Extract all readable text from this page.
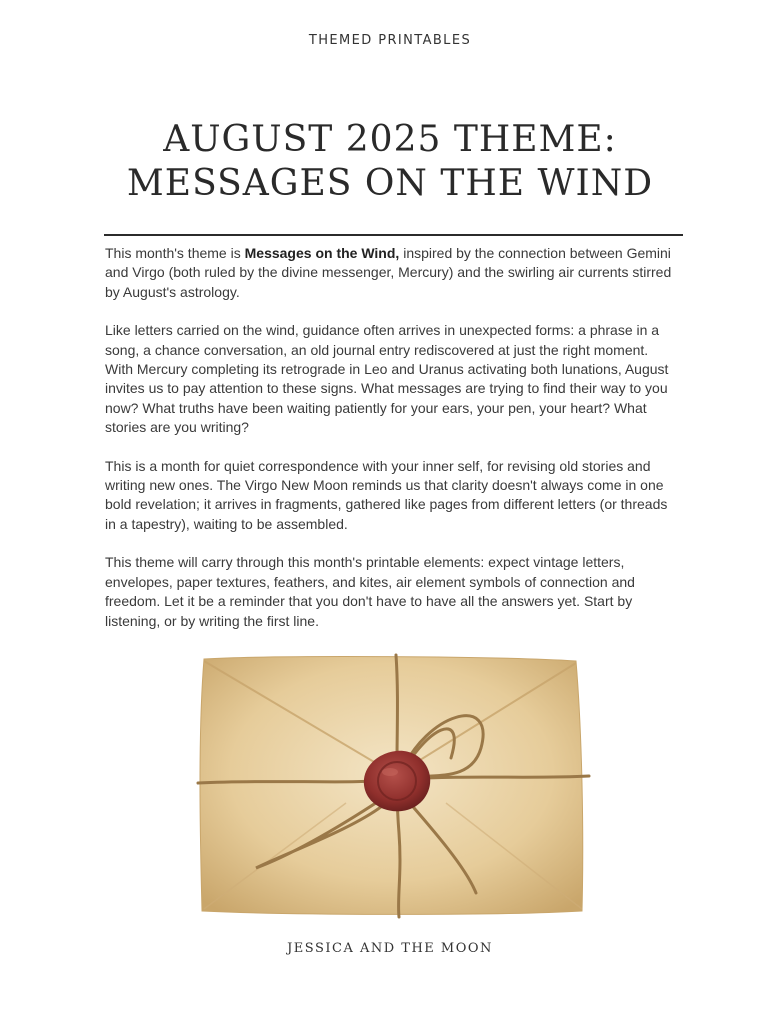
THEMED PRINTABLES
AUGUST 2025 THEME:
MESSAGES ON THE WIND

This month's theme is Messages on the Wind, inspired by the connection between Gemini and Virgo (both ruled by the divine messenger, Mercury) and the swirling air currents stirred by August's astrology.

Like letters carried on the wind, guidance often arrives in unexpected forms: a phrase in a song, a chance conversation, an old journal entry rediscovered at just the right moment. With Mercury completing its retrograde in Leo and Uranus activating both lunations, August invites us to pay attention to these signs. What messages are trying to find their way to you now? What truths have been waiting patiently for your ears, your pen, your heart? What stories are you writing?

This is a month for quiet correspondence with your inner self, for revising old stories and writing new ones. The Virgo New Moon reminds us that clarity doesn't always come in one bold revelation; it arrives in fragments, gathered like pages from different letters (or threads in a tapestry), waiting to be assembled.

This theme will carry through this month's printable elements: expect vintage letters, envelopes, paper textures, feathers, and kites, air element symbols of connection and freedom. Let it be a reminder that you don't have to have all the answers yet. Start by listening, or by writing the first line.

JESSICA AND THE MOON
